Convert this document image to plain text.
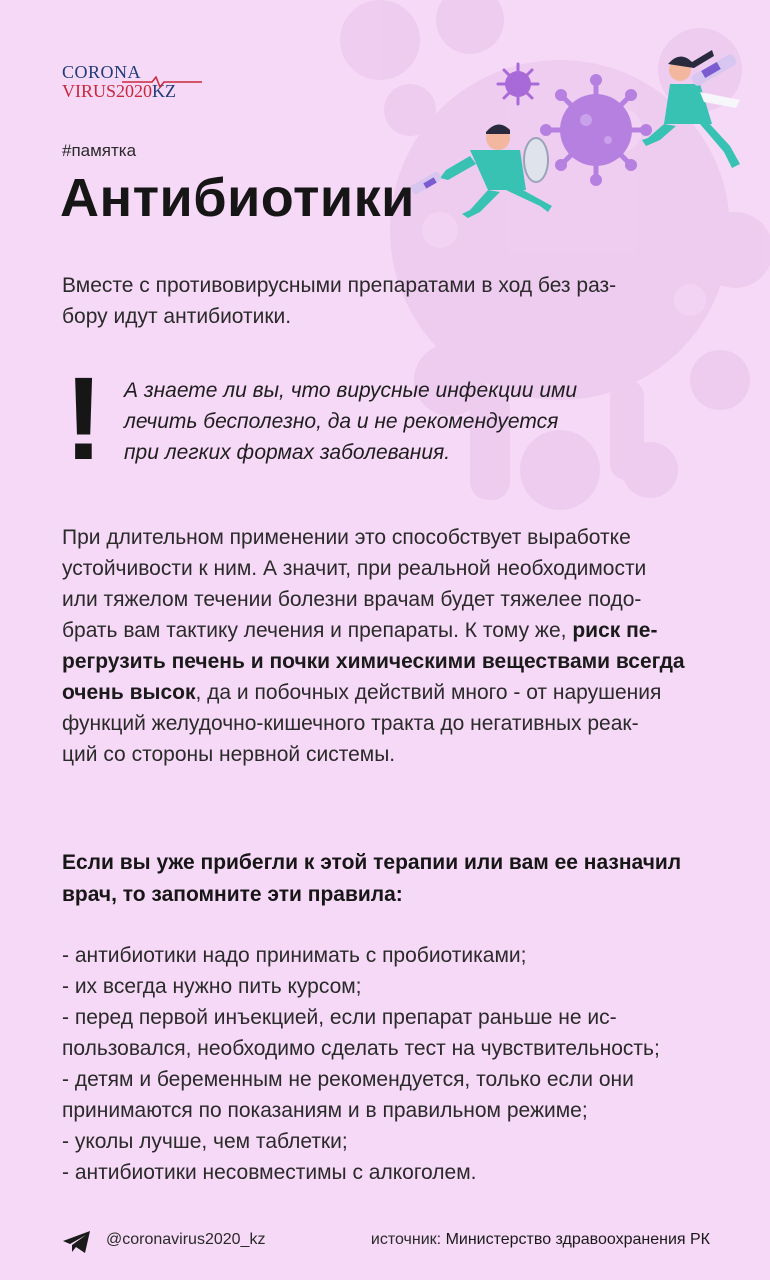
CORONA
VIRUS2020KZ
#памятка
Антибиотики
Вместе с противовирусными препаратами в ход без раз-
бору идут антибиотики.
! А знаете ли вы, что вирусные инфекции ими
лечить бесполезно, да и не рекомендуется
при легких формах заболевания.
При длительном применении это способствует выработке
устойчивости к ним. А значит, при реальной необходимости
или тяжелом течении болезни врачам будет тяжелее подо-
брать вам тактику лечения и препараты. К тому же, риск пе-
регрузить печень и почки химическими веществами всегда
очень высок, да и побочных действий много - от нарушения
функций желудочно-кишечного тракта до негативных реак-
ций со стороны нервной системы.
Если вы уже прибегли к этой терапии или вам ее назначил
врач, то запомните эти правила:
- антибиотики надо принимать с пробиотиками;
- их всегда нужно пить курсом;
- перед первой инъекцией, если препарат раньше не ис-
пользовался, необходимо сделать тест на чувствительность;
- детям и беременным не рекомендуется, только если они
принимаются по показаниям и в правильном режиме;
- уколы лучше, чем таблетки;
- антибиотики несовместимы с алкоголем.
@coronavirus2020_kz	источник: Министерство здравоохранения РК
